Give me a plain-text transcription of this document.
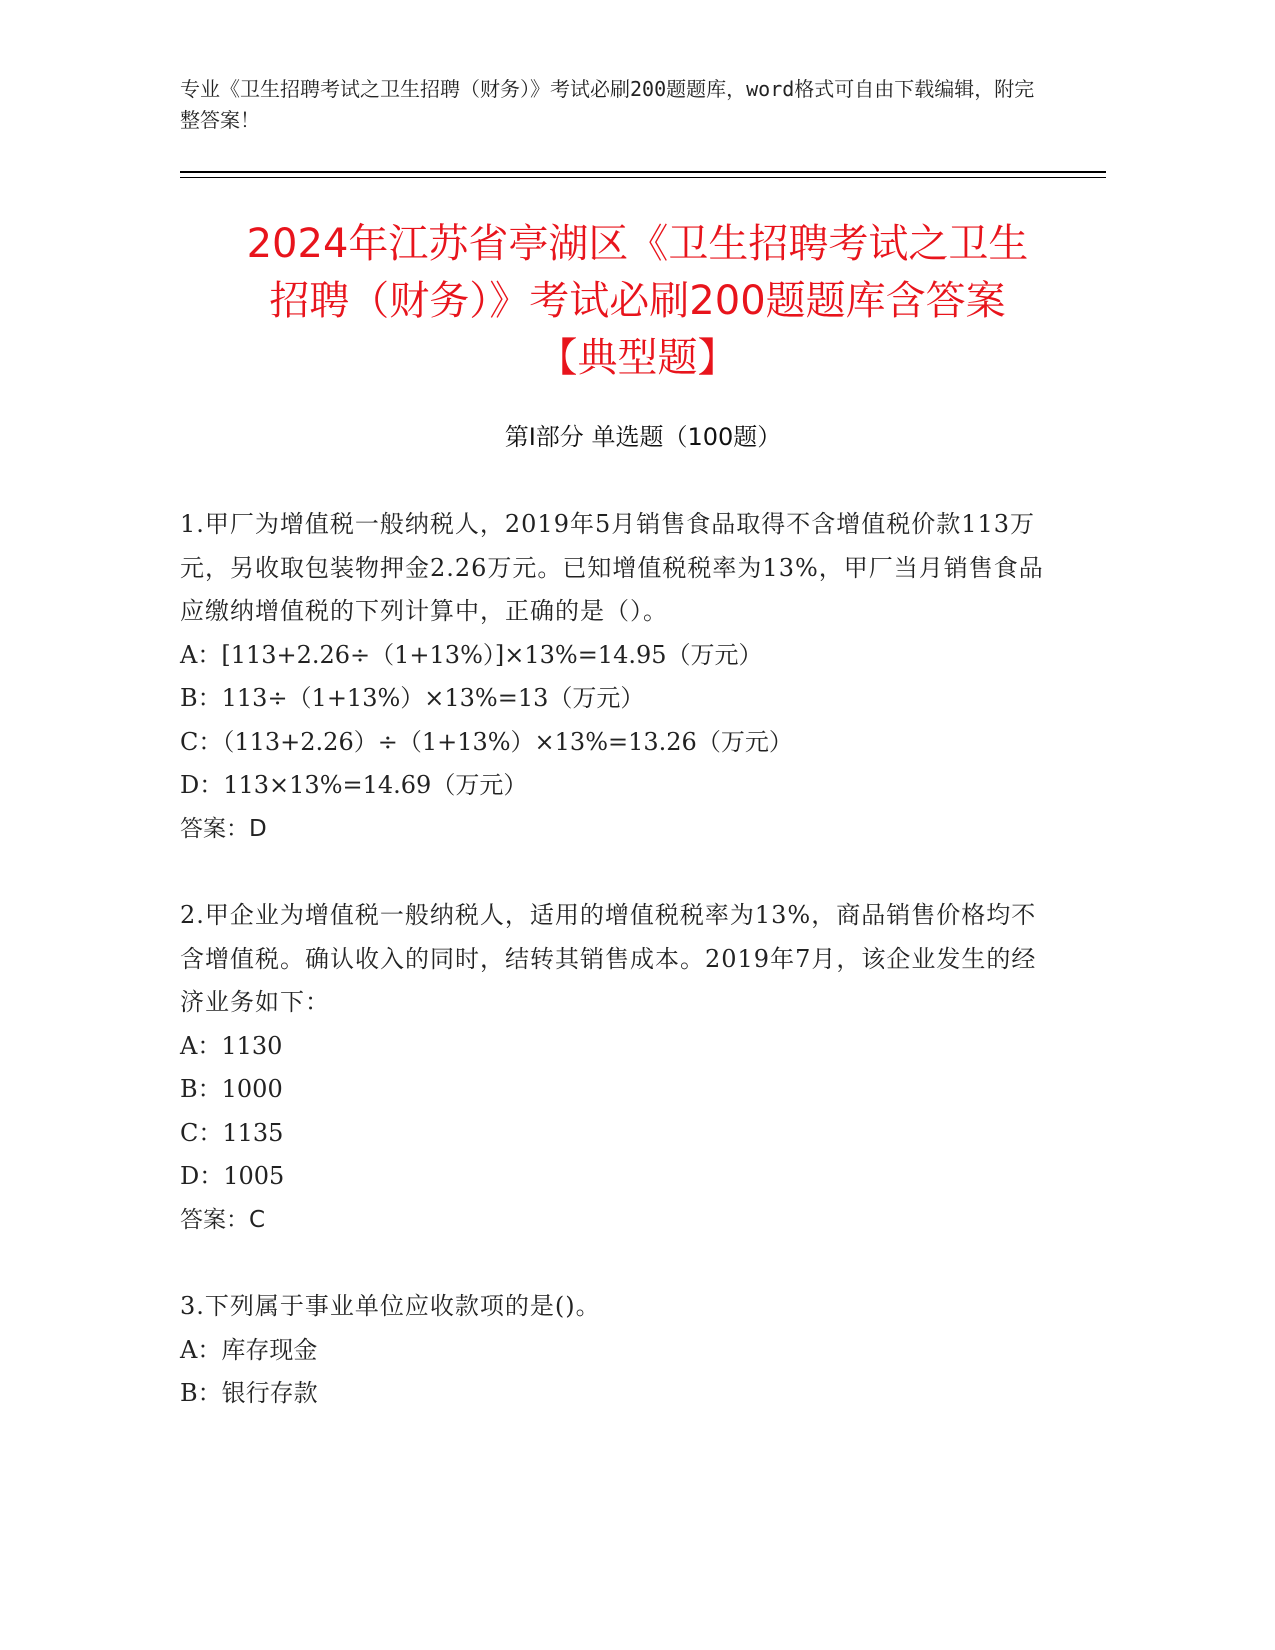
专业《卫生招聘考试之卫生招聘（财务）》考试必刷200题题库，word格式可自由下载编辑，附完整答案！
2024年江苏省亭湖区《卫生招聘考试之卫生
招聘（财务）》考试必刷200题题库含答案
【典型题】
第Ⅰ部分 单选题（100题）

1.甲厂为增值税一般纳税人，2019年5月销售食品取得不含增值税价款113万元，另收取包装物押金2.26万元。已知增值税税率为13%，甲厂当月销售食品应缴纳增值税的下列计算中，正确的是（）。

A：[113+2.26÷（1+13%）]×13%=14.95（万元）

B：113÷（1+13%）×13%=13（万元）

C：（113+2.26）÷（1+13%）×13%=13.26（万元）

D：113×13%=14.69（万元）

答案：D

2.甲企业为增值税一般纳税人，适用的增值税税率为13%，商品销售价格均不含增值税。确认收入的同时，结转其销售成本。2019年7月，该企业发生的经济业务如下：

A：1130

B：1000

C：1135

D：1005

答案：C

3.下列属于事业单位应收款项的是()。

A：库存现金

B：银行存款
